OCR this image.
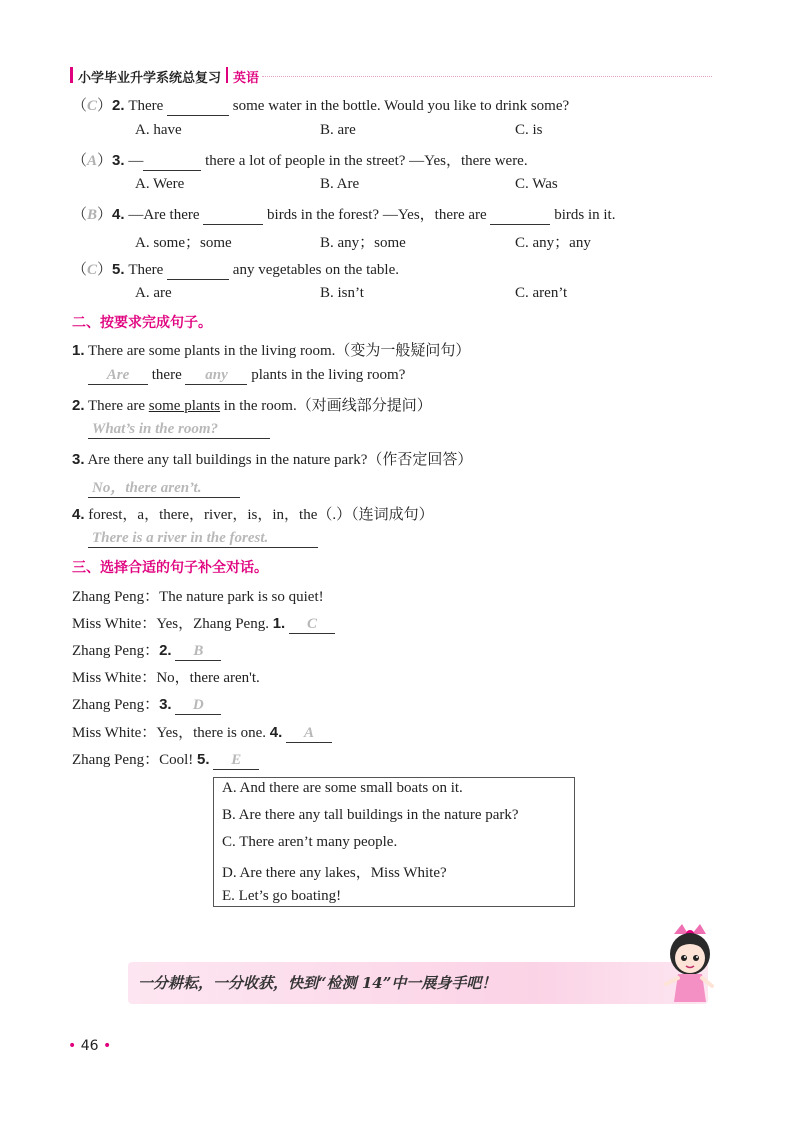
小学毕业升学系统总复习 英语
（C）2. There	some water in the bottle. Would you like to drink some?
A. have	B. are	C. is
（A）3. —	there a lot of people in the street? —Yes，there were.
A. Were	B. Are	C. Was
（B）4. —Are there	birds in the forest? —Yes，there are	birds in it.
A. some；some	B. any；some	C. any；any
（C）5. There	any vegetables on the table.
A. are	B. isn’t	C. aren’t
二、按要求完成句子。
1. There are some plants in the living room.（变为一般疑问句）
Are there any plants in the living room?
2. There are some plants in the room.（对画线部分提问）
What’s in the room?
3. Are there any tall buildings in the nature park?（作否定回答）
No，there aren’t.
4. forest，a，there，river，is，in，the（.）（连词成句）
There is a river in the forest.
三、选择合适的句子补全对话。
Zhang Peng：The nature park is so quiet!
Miss White：Yes，Zhang Peng. 1. C
Zhang Peng：2. B
Miss White：No，there aren't.
Zhang Peng：3. D
Miss White：Yes，there is one. 4. A
Zhang Peng：Cool! 5. E
A. And there are some small boats on it.
B. Are there any tall buildings in the nature park?
C. There aren’t many people.
D. Are there any lakes，Miss White?
E. Let’s go boating!
一分耕耘，一分收获，快到“检测 14”中一展身手吧！
• 46 •
